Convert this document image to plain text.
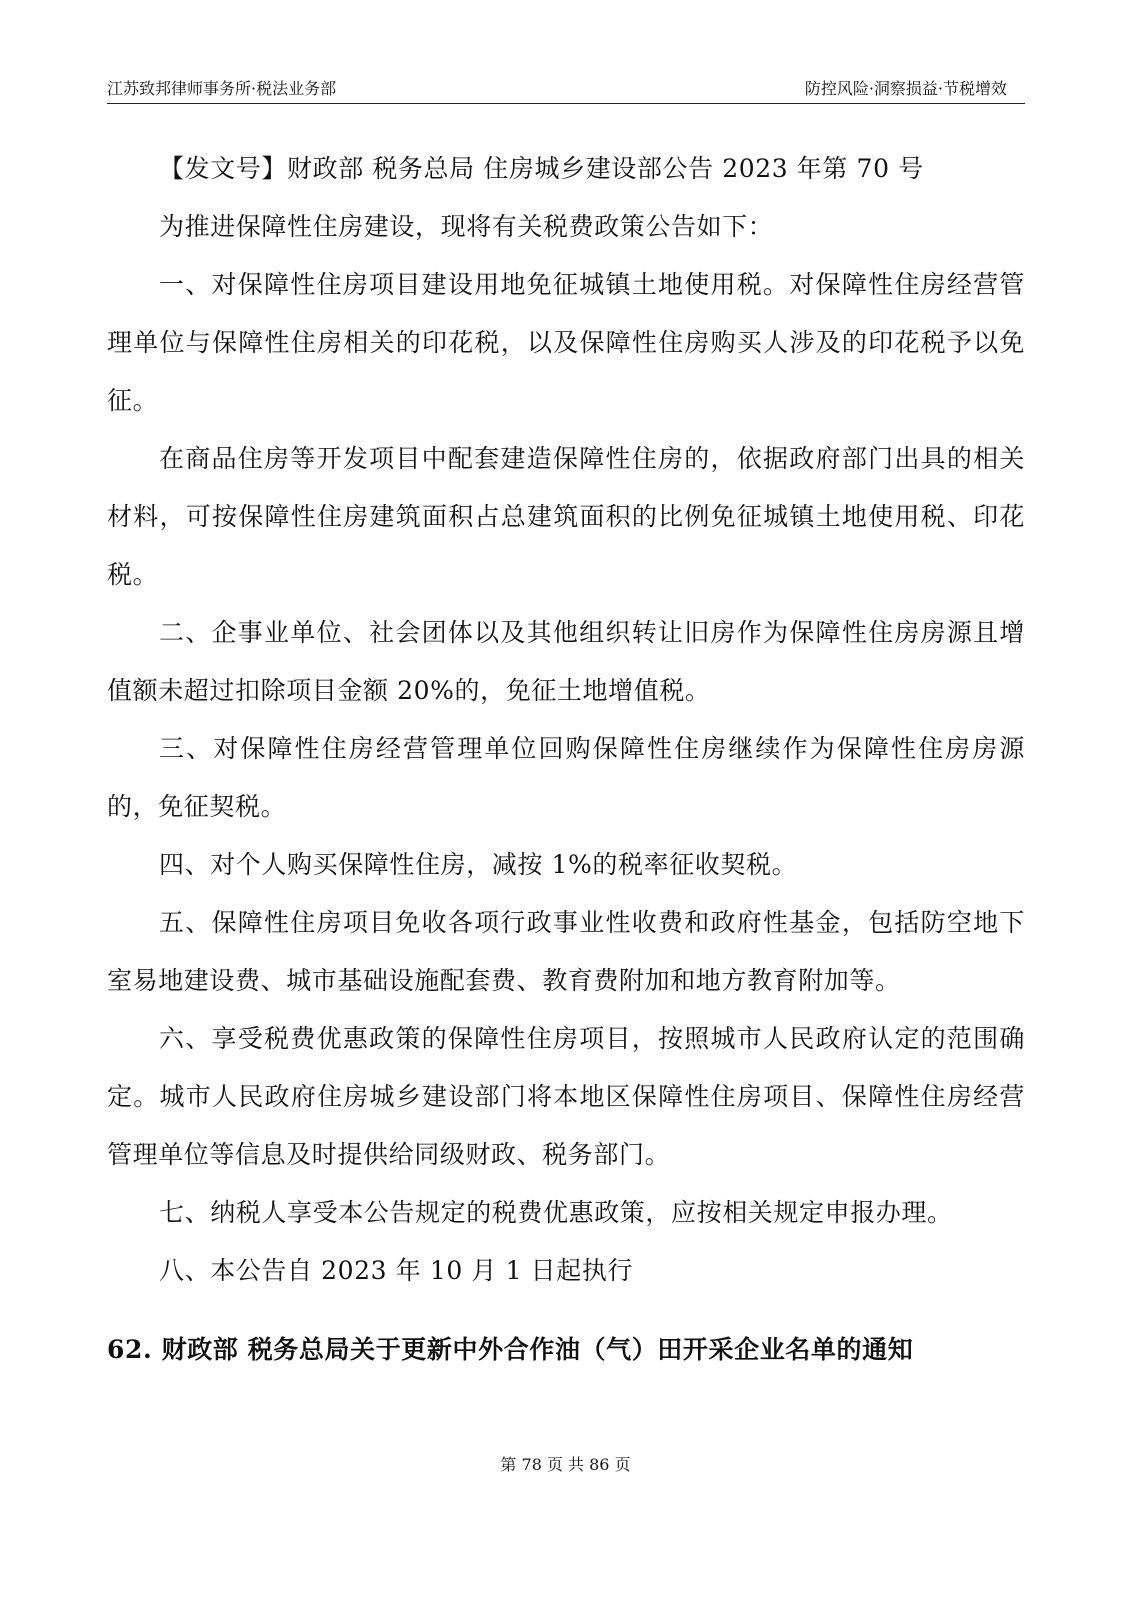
江苏致邦律师事务所·税法业务部	防控风险·洞察损益·节税增效

【发文号】财政部 税务总局 住房城乡建设部公告 2023 年第 70 号

为推进保障性住房建设，现将有关税费政策公告如下：

一、对保障性住房项目建设用地免征城镇土地使用税。对保障性住房经营管理单位与保障性住房相关的印花税，以及保障性住房购买人涉及的印花税予以免征。

在商品住房等开发项目中配套建造保障性住房的，依据政府部门出具的相关材料，可按保障性住房建筑面积占总建筑面积的比例免征城镇土地使用税、印花税。

二、企事业单位、社会团体以及其他组织转让旧房作为保障性住房房源且增值额未超过扣除项目金额 20%的，免征土地增值税。

三、对保障性住房经营管理单位回购保障性住房继续作为保障性住房房源的，免征契税。

四、对个人购买保障性住房，减按 1%的税率征收契税。

五、保障性住房项目免收各项行政事业性收费和政府性基金，包括防空地下室易地建设费、城市基础设施配套费、教育费附加和地方教育附加等。

六、享受税费优惠政策的保障性住房项目，按照城市人民政府认定的范围确定。城市人民政府住房城乡建设部门将本地区保障性住房项目、保障性住房经营管理单位等信息及时提供给同级财政、税务部门。

七、纳税人享受本公告规定的税费优惠政策，应按相关规定申报办理。

八、本公告自 2023 年 10 月 1 日起执行

62. 财政部 税务总局关于更新中外合作油（气）田开采企业名单的通知
第 78 页 共 86 页
